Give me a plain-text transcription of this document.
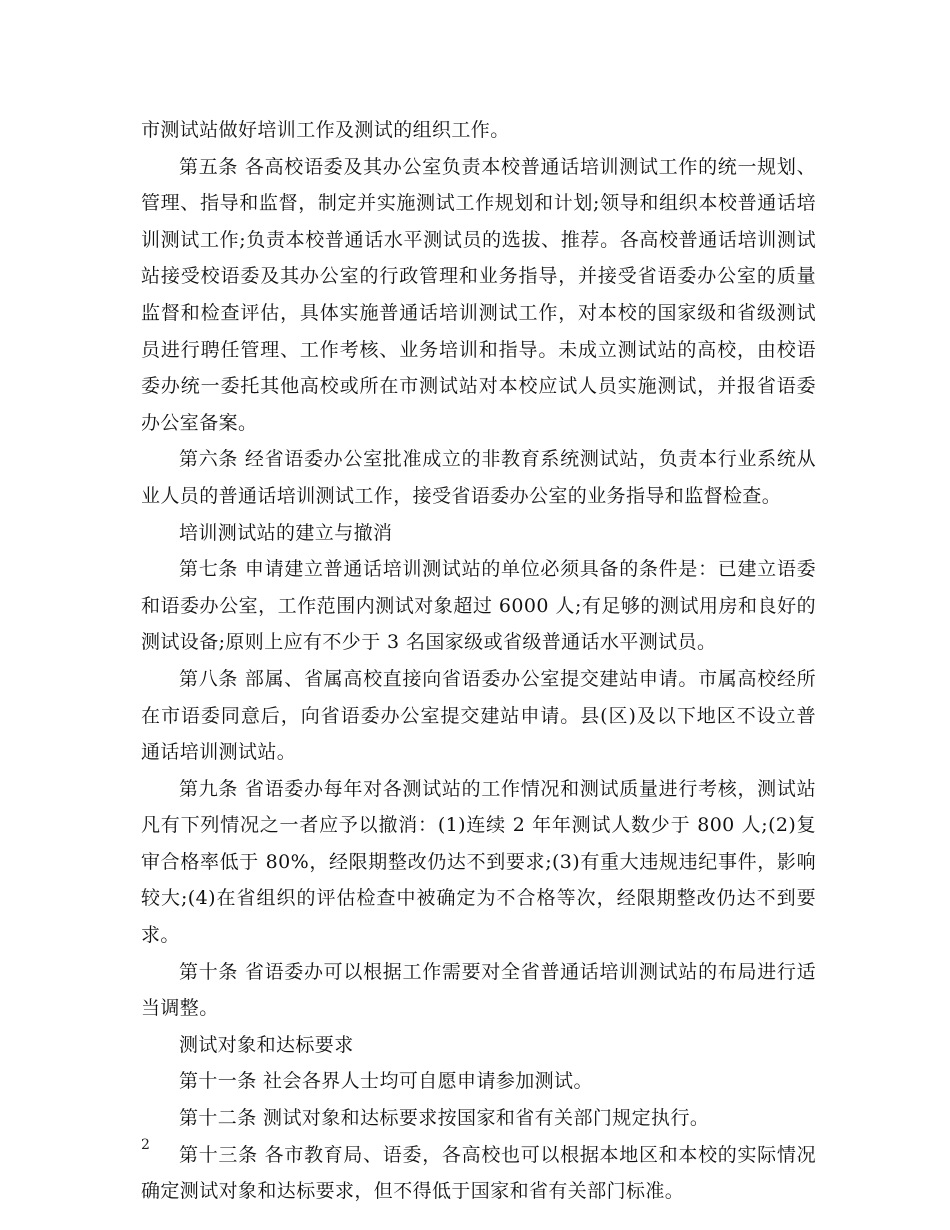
市测试站做好培训工作及测试的组织工作。

第五条 各高校语委及其办公室负责本校普通话培训测试工作的统一规划、管理、指导和监督，制定并实施测试工作规划和计划;领导和组织本校普通话培训测试工作;负责本校普通话水平测试员的选拔、推荐。各高校普通话培训测试站接受校语委及其办公室的行政管理和业务指导，并接受省语委办公室的质量监督和检查评估，具体实施普通话培训测试工作，对本校的国家级和省级测试员进行聘任管理、工作考核、业务培训和指导。未成立测试站的高校，由校语委办统一委托其他高校或所在市测试站对本校应试人员实施测试，并报省语委办公室备案。

第六条 经省语委办公室批准成立的非教育系统测试站，负责本行业系统从业人员的普通话培训测试工作，接受省语委办公室的业务指导和监督检查。

培训测试站的建立与撤消

第七条 申请建立普通话培训测试站的单位必须具备的条件是：已建立语委和语委办公室，工作范围内测试对象超过 6000 人;有足够的测试用房和良好的测试设备;原则上应有不少于 3 名国家级或省级普通话水平测试员。

第八条 部属、省属高校直接向省语委办公室提交建站申请。市属高校经所在市语委同意后，向省语委办公室提交建站申请。县(区)及以下地区不设立普通话培训测试站。

第九条 省语委办每年对各测试站的工作情况和测试质量进行考核，测试站凡有下列情况之一者应予以撤消：(1)连续 2 年年测试人数少于 800 人;(2)复审合格率低于 80%，经限期整改仍达不到要求;(3)有重大违规违纪事件，影响较大;(4)在省组织的评估检查中被确定为不合格等次，经限期整改仍达不到要求。

第十条 省语委办可以根据工作需要对全省普通话培训测试站的布局进行适当调整。

测试对象和达标要求

第十一条 社会各界人士均可自愿申请参加测试。

第十二条 测试对象和达标要求按国家和省有关部门规定执行。

第十三条 各市教育局、语委，各高校也可以根据本地区和本校的实际情况确定测试对象和达标要求，但不得低于国家和省有关部门标准。

2
